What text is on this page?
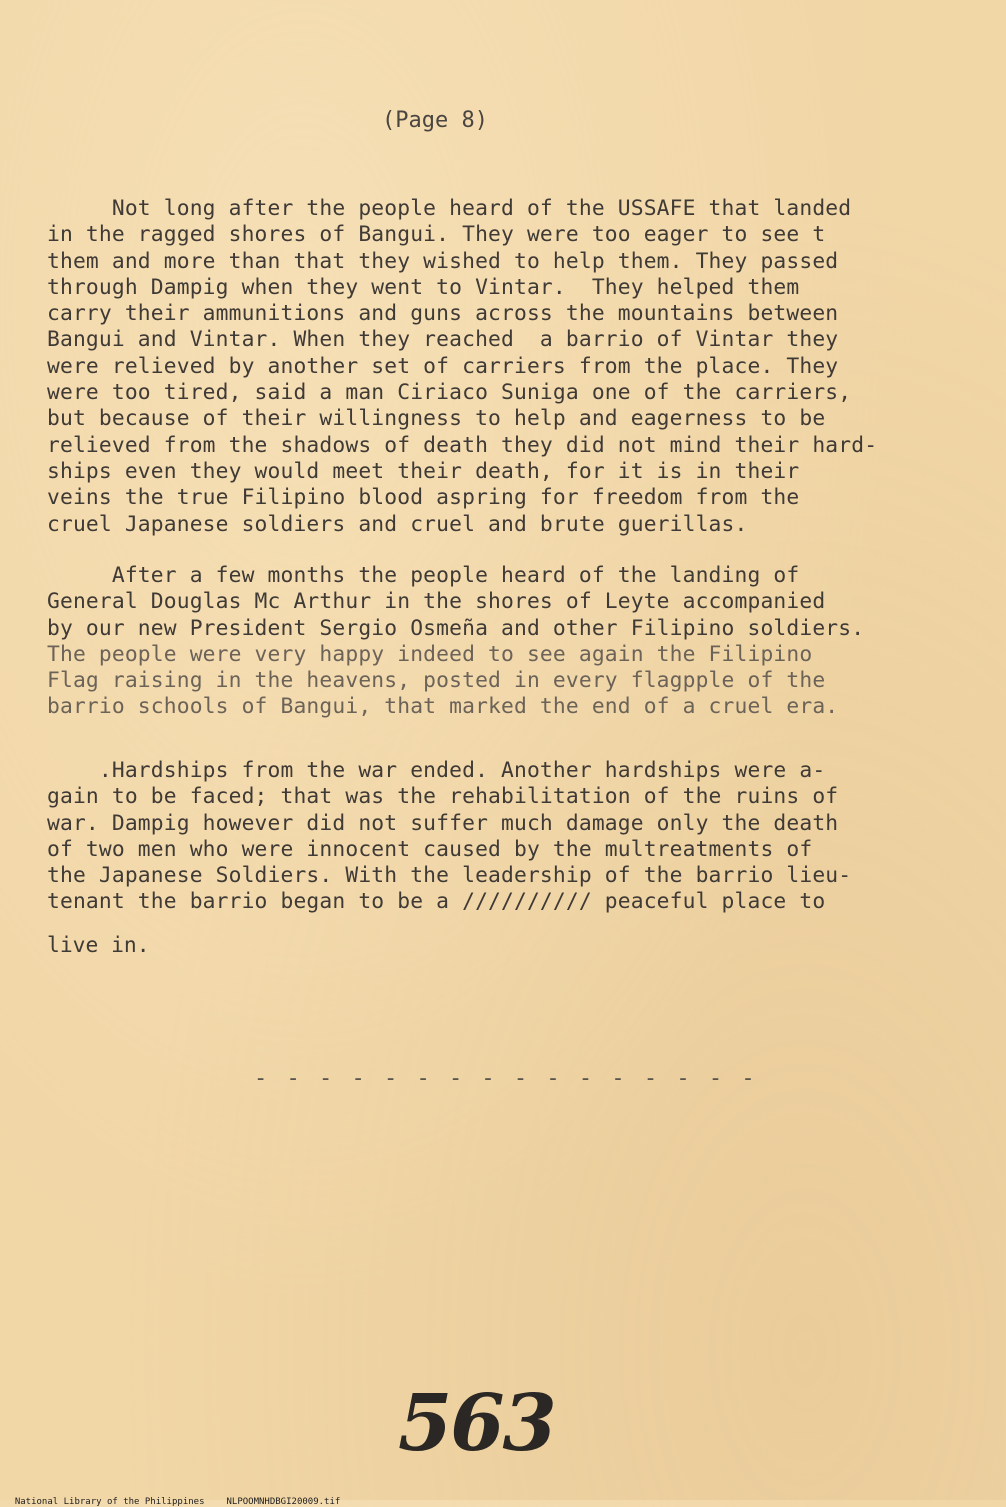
(Page 8)
Not long after the people heard of the USSAFE that landed
in the ragged shores of Bangui. They were too eager to see t
them and more than that they wished to help them. They passed
through Dampig when they went to Vintar.  They helped them
carry their ammunitions and guns across the mountains between
Bangui and Vintar. When they reached  a barrio of Vintar they
were relieved by another set of carriers from the place. They
were too tired, said a man Ciriaco Suniga one of the carriers,
but because of their willingness to help and eagerness to be
relieved from the shadows of death they did not mind their hard-
ships even they would meet their death, for it is in their
veins the true Filipino blood aspring for freedom from the
cruel Japanese soldiers and cruel and brute guerillas.
After a few months the people heard of the landing of
General Douglas Mc Arthur in the shores of Leyte accompanied
by our new President Sergio Osmeña and other Filipino soldiers.
The people were very happy indeed to see again the Filipino
Flag raising in the heavens, posted in every flagpple of the
barrio schools of Bangui, that marked the end of a cruel era.
.Hardships from the war ended. Another hardships were a-
gain to be faced; that was the rehabilitation of the ruins of
war. Dampig however did not suffer much damage only the death
of two men who were innocent caused by the multreatments of
the Japanese Soldiers. With the leadership of the barrio lieu-
tenant the barrio began to be a ////////// peaceful place to
live in.
- - - - - - - - - - - - - - - -
563

National Library of the Philippines NLPOOMNHDBGI20009.tif
